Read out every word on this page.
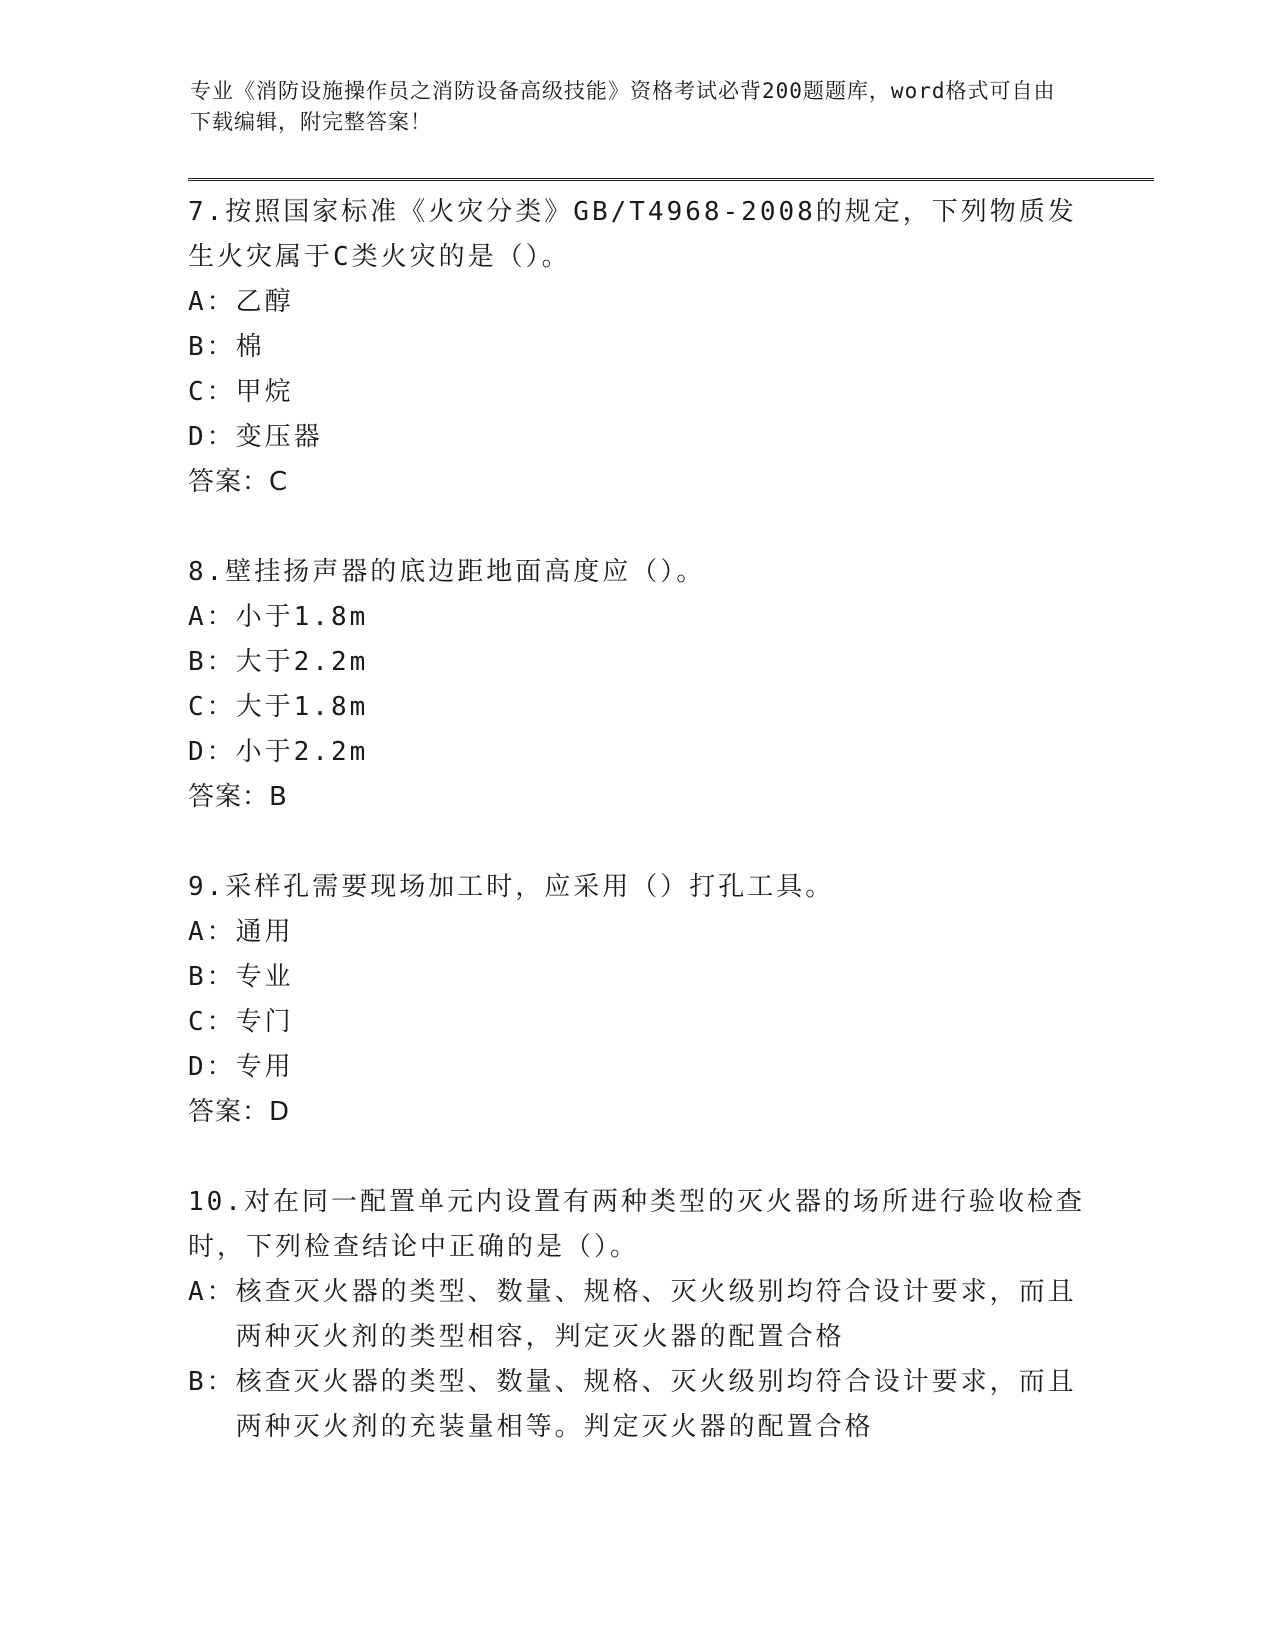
专业《消防设施操作员之消防设备高级技能》资格考试必背200题题库，word格式可自由下载编辑，附完整答案！
7.按照国家标准《火灾分类》GB/T4968-2008的规定，下列物质发生火灾属于C类火灾的是（）。
A： 乙醇
B： 棉
C： 甲烷
D： 变压器
答案：C
8.壁挂扬声器的底边距地面高度应（）。
A： 小于1.8m
B： 大于2.2m
C： 大于1.8m
D： 小于2.2m
答案：B
9.采样孔需要现场加工时，应采用（）打孔工具。
A： 通用
B： 专业
C： 专门
D： 专用
答案：D
10.对在同一配置单元内设置有两种类型的灭火器的场所进行验收检查时，下列检查结论中正确的是（）。
A： 核查灭火器的类型、数量、规格、灭火级别均符合设计要求，而且两种灭火剂的类型相容，判定灭火器的配置合格
B： 核查灭火器的类型、数量、规格、灭火级别均符合设计要求，而且两种灭火剂的充装量相等。判定灭火器的配置合格
